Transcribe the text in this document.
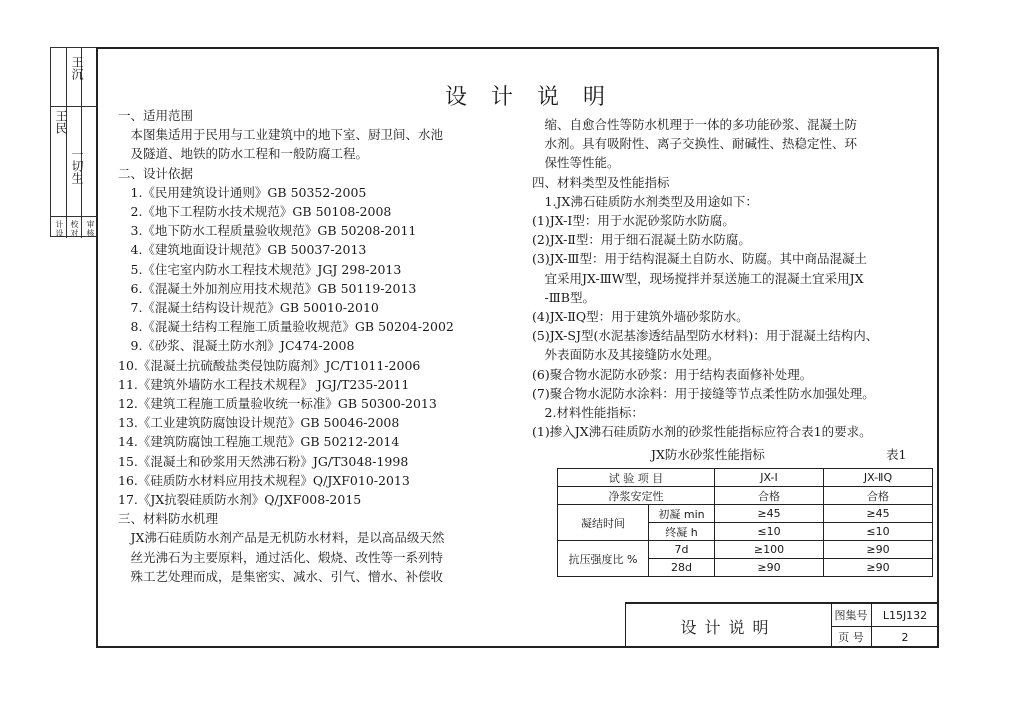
王民
王沉
一切生
计
设
校
对
审
核
设计说明
一、适用范围
　本图集适用于民用与工业建筑中的地下室、厨卫间、水池
　及隧道、地铁的防水工程和一般防腐工程。
二、设计依据
　1.《民用建筑设计通则》GB 50352-2005
　2.《地下工程防水技术规范》GB 50108-2008
　3.《地下防水工程质量验收规范》GB 50208-2011
　4.《建筑地面设计规范》GB 50037-2013
　5.《住宅室内防水工程技术规范》JGJ 298-2013
　6.《混凝土外加剂应用技术规范》GB 50119-2013
　7.《混凝土结构设计规范》GB 50010-2010
　8.《混凝土结构工程施工质量验收规范》GB 50204-2002
　9.《砂浆、混凝土防水剂》JC474-2008
10.《混凝土抗硫酸盐类侵蚀防腐剂》JC/T1011-2006
11.《建筑外墙防水工程技术规程》 JGJ/T235-2011
12.《建筑工程施工质量验收统一标准》GB 50300-2013
13.《工业建筑防腐蚀设计规范》GB 50046-2008
14.《建筑防腐蚀工程施工规范》GB 50212-2014
15.《混凝土和砂浆用天然沸石粉》JG/T3048-1998
16.《硅质防水材料应用技术规程》Q/JXF010-2013
17.《JX抗裂硅质防水剂》Q/JXF008-2015
三、材料防水机理
　JX沸石硅质防水剂产品是无机防水材料，是以高品级天然
　丝光沸石为主要原料，通过活化、煅烧、改性等一系列特
　殊工艺处理而成，是集密实、减水、引气、憎水、补偿收
　缩、自愈合性等防水机理于一体的多功能砂浆、混凝土防
　水剂。具有吸附性、离子交换性、耐碱性、热稳定性、环
　保性等性能。
四、材料类型及性能指标
　1.JX沸石硅质防水剂类型及用途如下：
(1)JX-Ⅰ型：用于水泥砂浆防水防腐。
(2)JX-Ⅱ型：用于细石混凝土防水防腐。
(3)JX-Ⅲ型：用于结构混凝土自防水、防腐。其中商品混凝土
　宜采用JX-ⅢW型，现场搅拌并泵送施工的混凝土宜采用JX
　-ⅢB型。
(4)JX-ⅡQ型：用于建筑外墙砂浆防水。
(5)JX-SJ型(水泥基渗透结晶型防水材料)：用于混凝土结构内、
　外表面防水及其接缝防水处理。
(6)聚合物水泥防水砂浆：用于结构表面修补处理。
(7)聚合物水泥防水涂料：用于接缝等节点柔性防水加强处理。
　2.材料性能指标：
(1)掺入JX沸石硅质防水剂的砂浆性能指标应符合表1的要求。
JX防水砂浆性能指标	表1
试 验 项 目		JX-Ⅰ	JX-ⅡQ
净浆安定性		合格	合格
凝结时间	初凝 min	≥45	≥45
	终凝 h	≤10	≤10
抗压强度比 %	7d	≥100	≥90
	28d	≥90	≥90
设计说明
图集号	L15J132
页 号	2
